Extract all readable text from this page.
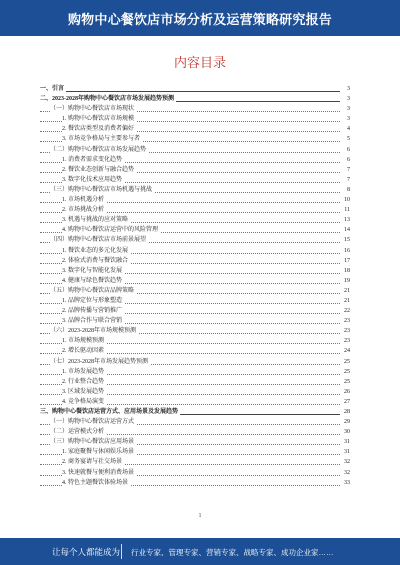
购物中心餐饮店市场分析及运营策略研究报告
内容目录
一、引言	3
二、2023-2028年购物中心餐饮店市场发展趋势预测	3
（一）购物中心餐饮店市场现状	3
1. 购物中心餐饮店市场规模	3
2. 餐饮店类型及消费者偏好	4
3. 市场竞争格局与主要参与者	5
（二）购物中心餐饮店市场发展趋势	6
1. 消费者需求变化趋势	6
2. 餐饮业态创新与融合趋势	7
3. 数字化技术应用趋势	7
（三）购物中心餐饮店市场机遇与挑战	8
1. 市场机遇分析	10
2. 市场挑战分析	11
3. 机遇与挑战的应对策略	13
4. 购物中心餐饮店运营中的风险管理	14
（四）购物中心餐饮店市场前景展望	15
1. 餐饮业态的多元化发展	16
2. 体验式消费与餐饮融合	17
3. 数字化与智能化发展	18
4. 健康与绿色餐饮趋势	19
（五）购物中心餐饮店品牌策略	21
1. 品牌定位与形象塑造	21
2. 品牌传播与营销推广	22
3. 品牌合作与联合营销	23
（六）2023-2028年市场规模预测	23
1. 市场规模预测	23
2. 增长驱动因素	24
（七）2023-2028年市场发展趋势预测	25
1. 市场发展趋势	25
2. 行业整合趋势	25
3. 区域发展趋势	26
4. 竞争格局演变	27
三、购物中心餐饮店运营方式、应用场景及发展趋势	28
（一）购物中心餐饮店运营方式	29
（二）运营模式分析	30
（三）购物中心餐饮店应用场景	31
1. 家庭聚餐与休闲娱乐场景	31
2. 商务宴请与社交场景	32
3. 快速就餐与便利消费场景	32
4. 特色主题餐饮体验场景	33
1
让每个人都能成为 行业专家、管理专家、营销专家、战略专家、成功企业家……
